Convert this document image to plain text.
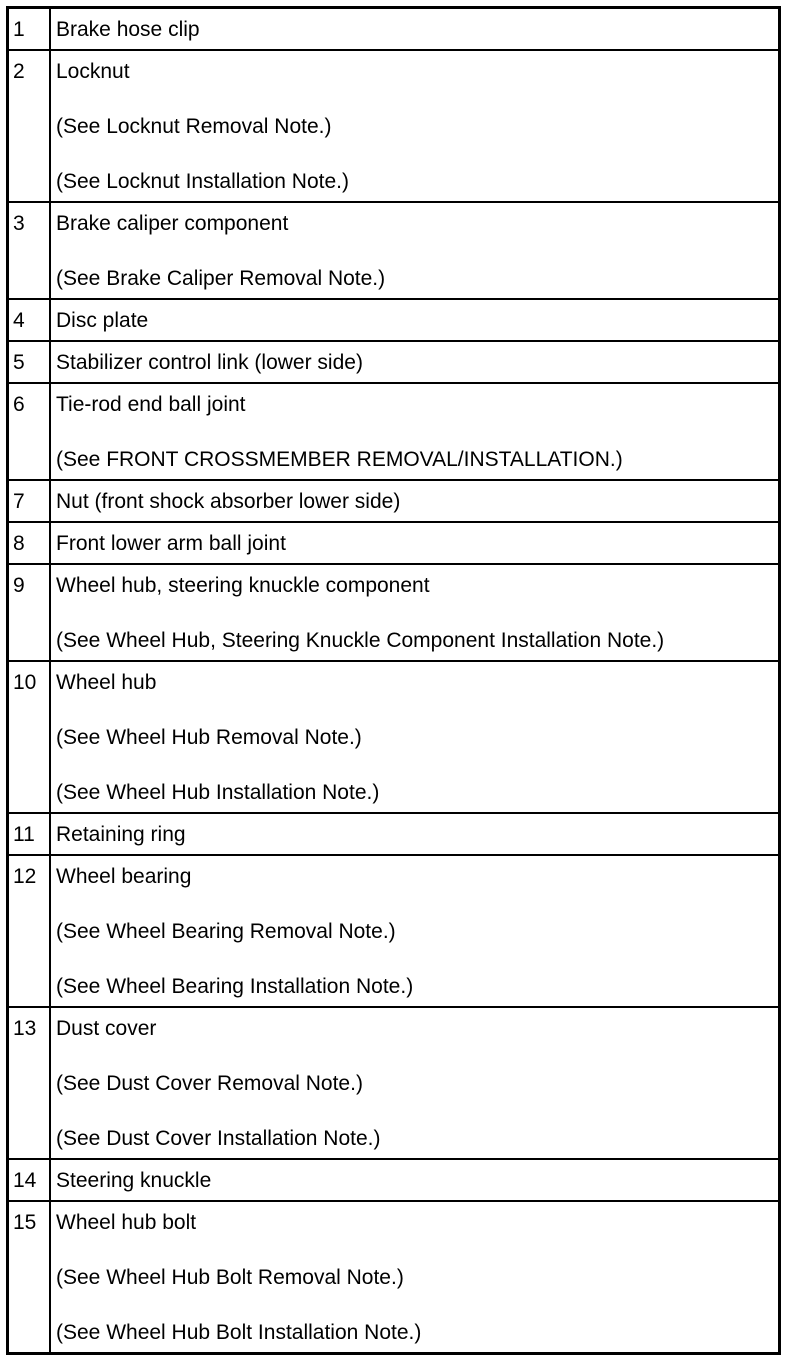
1	Brake hose clip

2	Locknut
(See Locknut Removal Note.)
(See Locknut Installation Note.)

3	Brake caliper component
(See Brake Caliper Removal Note.)

4	Disc plate

5	Stabilizer control link (lower side)

6	Tie-rod end ball joint
(See FRONT CROSSMEMBER REMOVAL/INSTALLATION.)

7	Nut (front shock absorber lower side)

8	Front lower arm ball joint

9	Wheel hub, steering knuckle component
(See Wheel Hub, Steering Knuckle Component Installation Note.)

10	Wheel hub
(See Wheel Hub Removal Note.)
(See Wheel Hub Installation Note.)

11	Retaining ring

12	Wheel bearing
(See Wheel Bearing Removal Note.)
(See Wheel Bearing Installation Note.)

13	Dust cover
(See Dust Cover Removal Note.)
(See Dust Cover Installation Note.)

14	Steering knuckle

15	Wheel hub bolt
(See Wheel Hub Bolt Removal Note.)
(See Wheel Hub Bolt Installation Note.)
